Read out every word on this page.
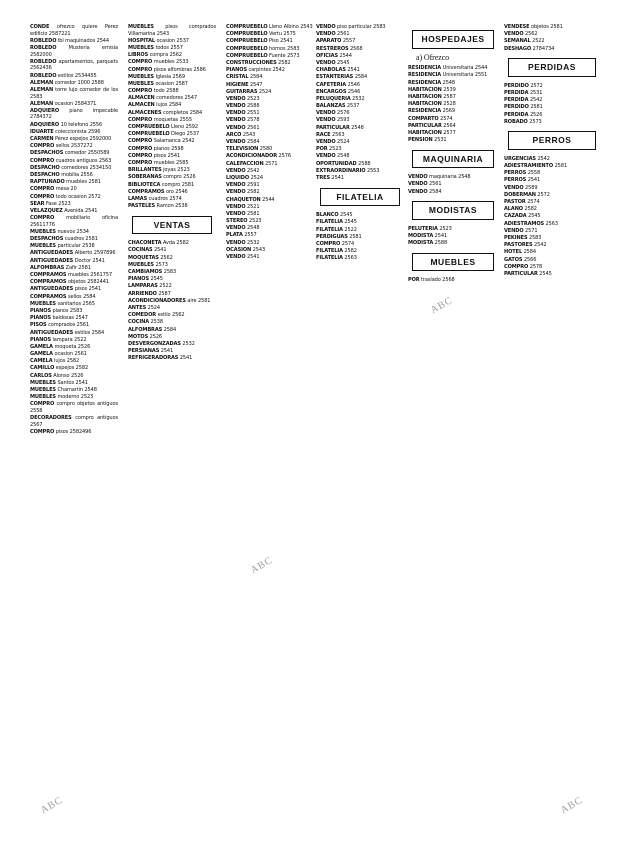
CONDE ofrezco quiere Pérez edificio 2587221

ROBLEDO Ibi maquinados 2544

ROBLEDO Musteria ernisia 2582000

ROBLEDO apartamentos, parquets 2562436

ROBLEDO estilos 2534455

ALEMAN comedor 1000 2588

ALEMAN torre lujo comedor de los 2583

ALEMAN ocasion 2584371

ADQUIERO piano impecable 2784372

ADQUIERO 10 telefono 2556

IDUARTE coleccionista 2596

CARMEN Pérez espejos 2592000

COMPRO sellos 2537272

DESPACHOS comedor 2550589

COMPRO cuadros antiguos 2563

DESPACHO comedores 2534150

DESPACHO mobilia 2556

RAPTUNADO muebles 2581

COMPRO mesa 20

COMPRO todo ocasion 2572

SEAR Fase 2523

VELAZQUEZ Avenida 2541

COMPRO mobiliario oficina 25611776

MUEBLES nuevos 2534

DESPACHOS cuadros 2581

MUEBLES particular 2538

ANTIGUEDADES Alberto 2597896

ANTIGUEDADES Doctor 2541

ALFOMBRAS Zafir 2581

COMPRAMOS muebles 2561757

COMPRAMOS objetos 2582441

ANTIGUEDADES pisos 2541

COMPRAMOS sellos 2584

MUEBLES sanitarios 2565

PIANOS pianos 2583

PIANOS baldosas 2547

PISOS comprados 2561

ANTIGUEDADES estilos 2584

PIANOS lampara 2522

GAMELA moqueta 2526

GAMELA ocasion 2561

CAMELA lujos 2582

CAMILLO espejos 2582

CARLOS Alonso 2526

MUEBLES Santos 2541

MUEBLES Chamartin 2548

MUEBLES moderno 2523

COMPRO compro objetos antiguos 2558

DECORADORES compro antiguos 2567

COMPRO pisos 2582496

MUEBLES pisos comprados Villamarina 2543

HOSPITAL ocasion 2537

MUEBLES todos 2557

LIBROS compra 2562

COMPRO muebles 2533

COMPRO pisos alfombras 2586

MUEBLES Iglesia 2569

MUEBLES ocasion 2587

COMPRO todo 2588

ALMACEN comedores 2547

ALMACEN lujos 2584

ALMACENES completos 2584

COMPRO moquetas 2555

COMPRUEBELO Lleno 2592

COMPRUEBELO Diego 2537

COMPRO Salamanca 2542

COMPRO pianos 2598

COMPRO pisos 2541

COMPRO muebles 2585

BRILLANTES joyas 2523

SOBERANAS compro 2526

BIBLIOTECA compro 2581

COMPRAMOS oro 2546

LAMAS cuadros 2574

PASTELES Ramon 2538

VENTAS

CHACONETA Avda 2582

COCINAS 2541

MOQUETAS 2562

MUEBLES 2573

CAMBIAMOS 2583

PIANOS 2545

LAMPARAS 2522

ARRIENDO 2587

ACONDICIONADORES aire 2581

ANTES 2524

COMEDOR estilo 2562

COCINA 2538

ALFOMBRAS 2584

MOTOS 2526

DESVERGONZADAS 2532

PERSIANAS 2541

REFRIGERADORAS 2541

COMPRUEBELO Lleno Albino 2543

COMPRUEBELO Vertu 2575

COMPRUEBELO Piso 2541

COMPRUEBELO hornos 2583

COMPRUEBELO Fuente 2573

CONSTRUCCIONES 2582

PIANOS carpintes 2542

CRISTAL 2584

HIGIENE 2547

GUITARRAS 2524

VENDO 2523

VENDO 2588

VENDO 2551

VENDO 2578

VENDO 2561

ARCO 2543

VENDO 2584

TELEVISION 2580

ACONDICIONADOR 2576

CALEFACCION 2571

VENDO 2542

LIQUIDO 2524

VENDO 2591

VENDO 2582

CHAQUETON 2544

VENDO 2521

VENDO 2581

STEREO 2523

VENDO 2548

PLATA 2557

VENDO 2532

OCASION 2543

VENDO 2541

VENDO piso particular 2583

VENDO 2561

APARATO 2557

RESTREROS 2568

OFICIAS 2544

VENDO 2545

CHABOLAS 2541

ESTANTERIAS 2584

CAFETERIA 2546

ENCARGOS 2546

PELUQUERIA 2532

BALANZAS 2537

VENDO 2576

VENDO 2593

PARTICULAR 2548

RACE 2563

VENDO 2524

POR 2523

VENDO 2548

OPORTUNIDAD 2588

EXTRAORDINARIO 2553

TRES 2541

FILATELIA

BLANCO 2545

FILATELIA 2545

FILATELIA 2522

PERDIGUAS 2581

COMPRO 2574

FILATELIA 2582

FILATELIA 2563

HOSPEDAJES
a) Ofrezco

RESIDENCIA Universitaria 2544

RESIDENCIA Universitaria 2551

RESIDENCIA 2548

HABITACION 2539

HABITACION 2587

HABITACION 2528

RESIDENCIA 2569

COMPARTO 2574

PARTICULAR 2564

HABITACION 2577

PENSION 2531

MAQUINARIA

VENDO maquinaria 2548

VENDO 2561

VENDO 2584

MODISTAS

PELUTERIA 2523

MODISTA 2541

MODISTA 2588

MUEBLES

POR traslado 2568

VENDESE objetos 2581

VENDO 2562

SEMANAL 2522

DESHAGO 2784734

PERDIDAS

PERDIDO 2572

PERDIDA 2531

PERDIDA 2542

PERDIDO 2581

PERDIDA 2526

ROBADO 2573

PERROS

URGENCIAS 2542

ADIESTRAMIENTO 2581

PERROS 2558

PERROS 2541

VENDO 2589

DOBERMAN 2572

PASTOR 2574

ALANO 2582

CAZADA 2545

ADIESTRAMOS 2563

VENDO 2571

PEKINES 2583

PASTORES 2542

HOTEL 2584

GATOS 2566

COMPRO 2578

PARTICULAR 2545

ABC
ABC
ABC
ABC
